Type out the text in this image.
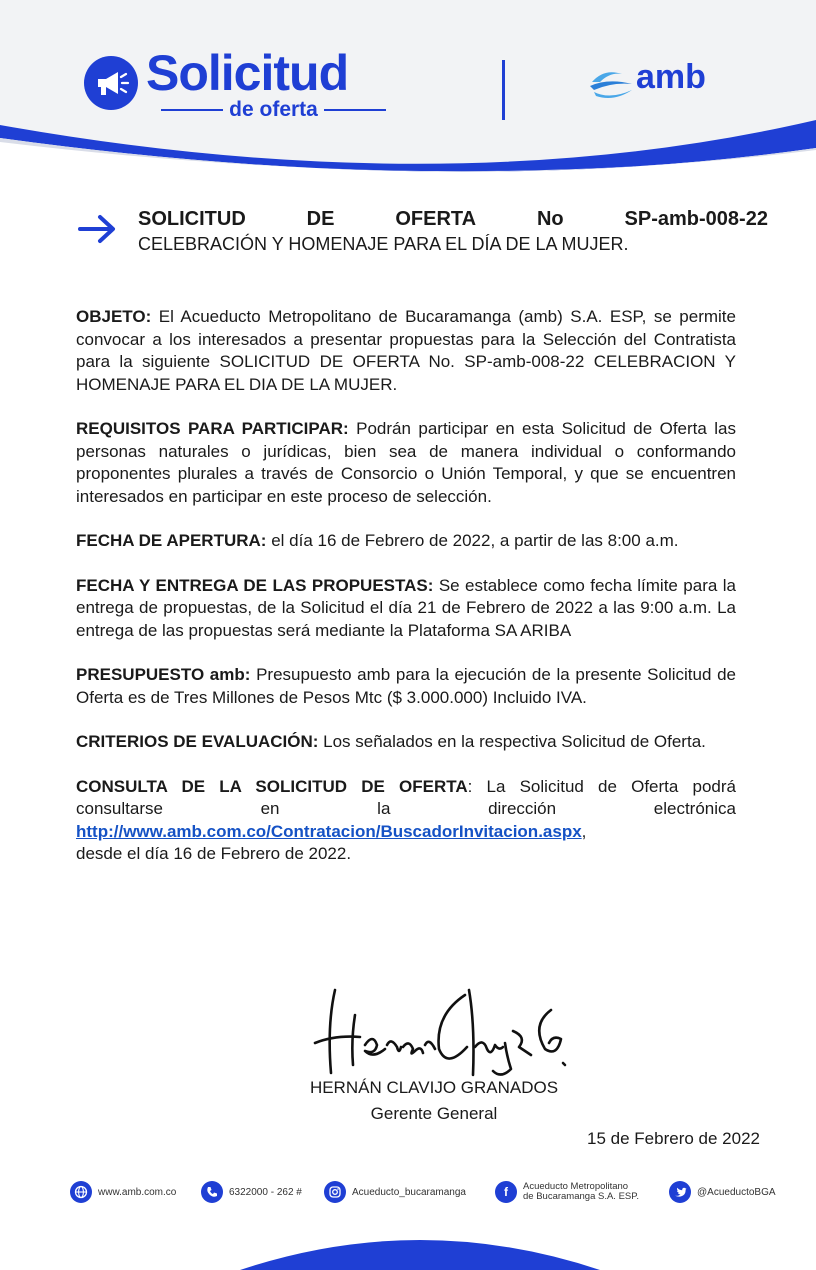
Solicitud
de oferta
amb
SOLICITUD	DE	OFERTA	No	SP-amb-008-22
CELEBRACIÓN Y HOMENAJE PARA EL DÍA DE LA MUJER.

OBJETO: El Acueducto Metropolitano de Bucaramanga (amb) S.A. ESP, se permite convocar a los interesados a presentar propuestas para la Selección del Contratista para la siguiente SOLICITUD DE OFERTA No. SP-amb-008-22 CELEBRACION Y HOMENAJE PARA EL DIA DE LA MUJER.

REQUISITOS PARA PARTICIPAR: Podrán participar en esta Solicitud de Oferta las personas naturales o jurídicas, bien sea de manera individual o conformando proponentes plurales a través de Consorcio o Unión Temporal, y que se encuentren interesados en participar en este proceso de selección.

FECHA DE APERTURA: el día 16 de Febrero de 2022, a partir de las 8:00 a.m.

FECHA Y ENTREGA DE LAS PROPUESTAS: Se establece como fecha límite para la entrega de propuestas, de la Solicitud el día 21 de Febrero de 2022 a las 9:00 a.m. La entrega de las propuestas será mediante la Plataforma SA ARIBA

PRESUPUESTO amb: Presupuesto amb para la ejecución de la presente Solicitud de Oferta es de Tres Millones de Pesos Mtc ($ 3.000.000) Incluido IVA.

CRITERIOS DE EVALUACIÓN: Los señalados en la respectiva Solicitud de Oferta.

CONSULTA DE LA SOLICITUD DE OFERTA: La Solicitud de Oferta podrá
consultarse	en	la	dirección	electrónica
http://www.amb.com.co/Contratacion/BuscadorInvitacion.aspx,
desde el día 16 de Febrero de 2022.
HERNÁN CLAVIJO GRANADOS
Gerente General
15 de Febrero de 2022
www.amb.com.co	6322000 - 262 #	Acueducto_bucaramanga	f	Acueducto Metropolitano
de Bucaramanga S.A. ESP.	@AcueductoBGA
